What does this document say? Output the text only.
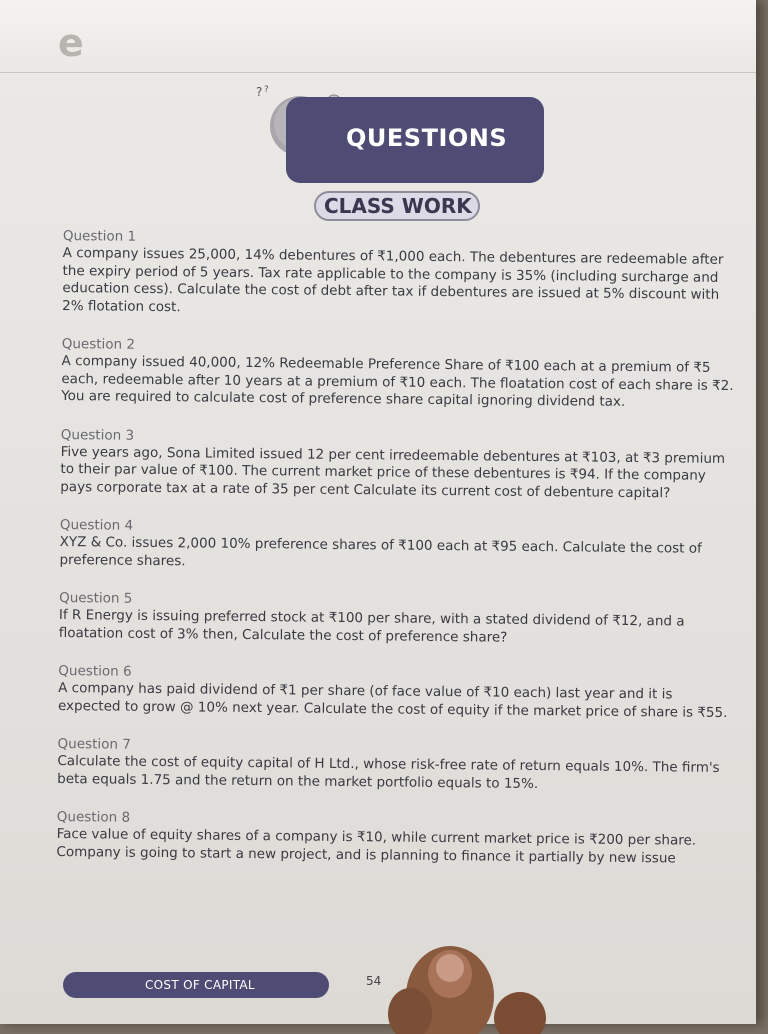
e
? ?
QUESTIONS
CLASS WORK
Question 1

A company issues 25,000, 14% debentures of ₹1,000 each. The debentures are redeemable after the expiry period of 5 years. Tax rate applicable to the company is 35% (including surcharge and education cess). Calculate the cost of debt after tax if debentures are issued at 5% discount with 2% flotation cost.

Question 2

A company issued 40,000, 12% Redeemable Preference Share of ₹100 each at a premium of ₹5 each, redeemable after 10 years at a premium of ₹10 each. The floatation cost of each share is ₹2.

You are required to calculate cost of preference share capital ignoring dividend tax.

Question 3

Five years ago, Sona Limited issued 12 per cent irredeemable debentures at ₹103, at ₹3 premium to their par value of ₹100. The current market price of these debentures is ₹94. If the company pays corporate tax at a rate of 35 per cent Calculate its current cost of debenture capital?

Question 4

XYZ & Co. issues 2,000 10% preference shares of ₹100 each at ₹95 each. Calculate the cost of preference shares.

Question 5

If R Energy is issuing preferred stock at ₹100 per share, with a stated dividend of ₹12, and a floatation cost of 3% then, Calculate the cost of preference share?

Question 6

A company has paid dividend of ₹1 per share (of face value of ₹10 each) last year and it is expected to grow @ 10% next year. Calculate the cost of equity if the market price of share is ₹55.

Question 7

Calculate the cost of equity capital of H Ltd., whose risk-free rate of return equals 10%. The firm's beta equals 1.75 and the return on the market portfolio equals to 15%.

Question 8

Face value of equity shares of a company is ₹10, while current market price is ₹200 per share. Company is going to start a new project, and is planning to finance it partially by new issue

COST OF CAPITAL	54
